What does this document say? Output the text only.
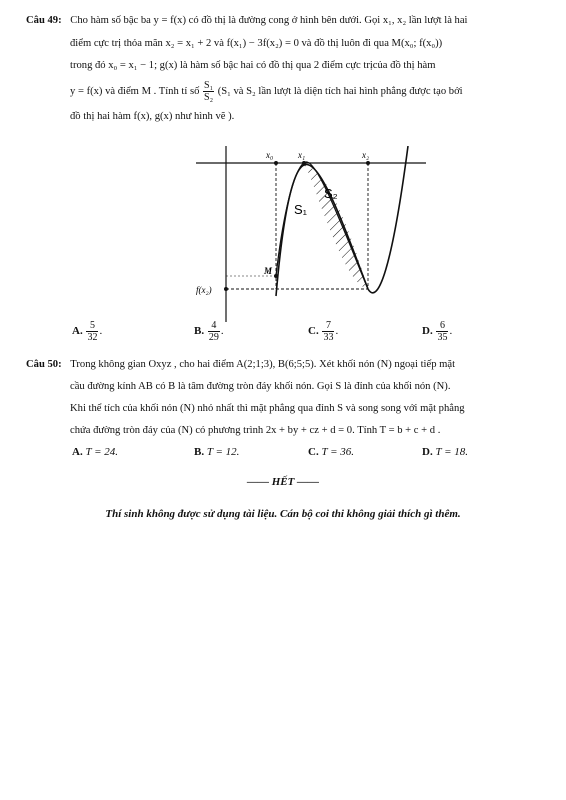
Câu 49: Cho hàm số bậc ba y = f(x) có đồ thị là đường cong ở hình bên dưới. Gọi x₁, x₂ lần lượt là hai
điểm cực trị thỏa mãn x₂ = x₁ + 2 và f(x₁) − 3f(x₂) = 0 và đồ thị luôn đi qua M(x₀; f(x₀))
trong đó x₀ = x₁ − 1; g(x) là hàm số bậc hai có đồ thị qua 2 điểm cực trịcủa đồ thị hàm
y = f(x) và điểm M . Tính tỉ số $\frac{\text{S₁}}{\text{S₂}} (S_1$ và S₂ lần lượt là diện tích hai hình phẳng được tạo bởi
đồ thị hai hàm f(x), g(x) như hình vẽ ).
x₀	x₁	x₂
S₁
S₂
M
f(x₂)
A. $\frac{5}{32}$ .	B. $\frac{4}{29}$ .	C. $\frac{7}{33}$ .	D. $\frac{6}{35}$ .
Câu 50: Trong không gian Oxyz , cho hai điểm A(2;1;3), B(6;5;5). Xét khối nón (N) ngoại tiếp mặt
cầu đường kính AB có B là tâm đường tròn đáy khối nón. Gọi S là đỉnh của khối nón (N).
Khi thể tích của khối nón (N) nhỏ nhất thì mặt phẳng qua đỉnh S và song song với mặt phẳng
chứa đường tròn đáy của (N) có phương trình 2x + by + cz + d = 0. Tính T = b + c + d .
A. T = 24.	B. T = 12.	C. T = 36.	D. T = 18.
—— HẾT ——
Thí sinh không được sử dụng tài liệu. Cán bộ coi thi không giải thích gì thêm.
